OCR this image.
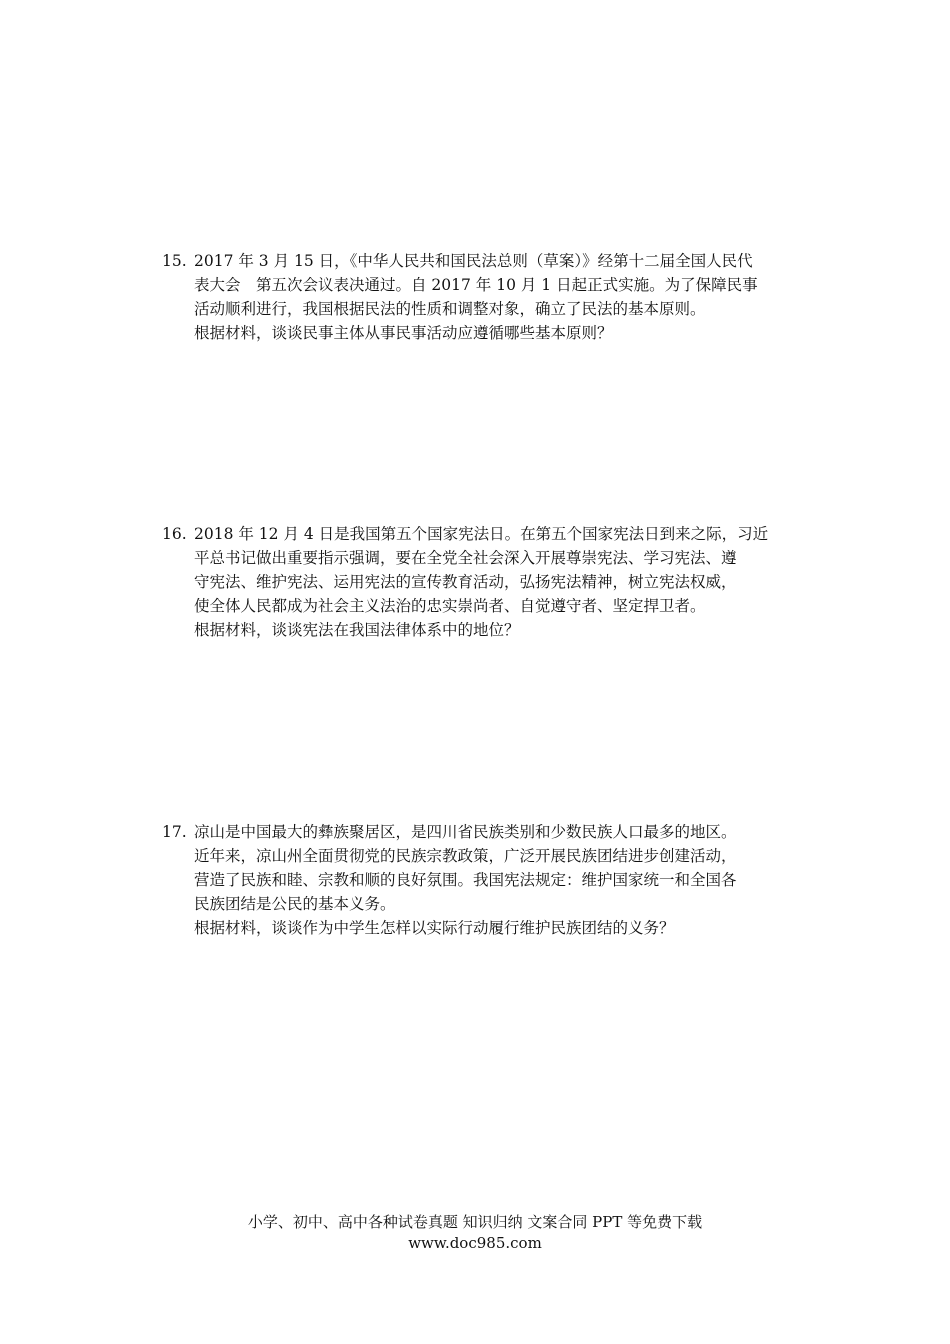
15. 2017 年 3 月 15 日，《中华人民共和国民法总则（草案）》经第十二届全国人民代
表大会　第五次会议表决通过。自 2017 年 10 月 1 日起正式实施。为了保障民事
活动顺利进行，我国根据民法的性质和调整对象，确立了民法的基本原则。
根据材料，谈谈民事主体从事民事活动应遵循哪些基本原则？
16. 2018 年 12 月 4 日是我国第五个国家宪法日。在第五个国家宪法日到来之际，习近
平总书记做出重要指示强调，要在全党全社会深入开展尊崇宪法、学习宪法、遵
守宪法、维护宪法、运用宪法的宣传教育活动，弘扬宪法精神，树立宪法权威，
使全体人民都成为社会主义法治的忠实崇尚者、自觉遵守者、坚定捍卫者。
根据材料，谈谈宪法在我国法律体系中的地位？
17. 凉山是中国最大的彝族聚居区，是四川省民族类别和少数民族人口最多的地区。
近年来，凉山州全面贯彻党的民族宗教政策，广泛开展民族团结进步创建活动，
营造了民族和睦、宗教和顺的良好氛围。我国宪法规定：维护国家统一和全国各
民族团结是公民的基本义务。
根据材料，谈谈作为中学生怎样以实际行动履行维护民族团结的义务？
小学、初中、高中各种试卷真题 知识归纳 文案合同 PPT 等免费下载
www.doc985.com
